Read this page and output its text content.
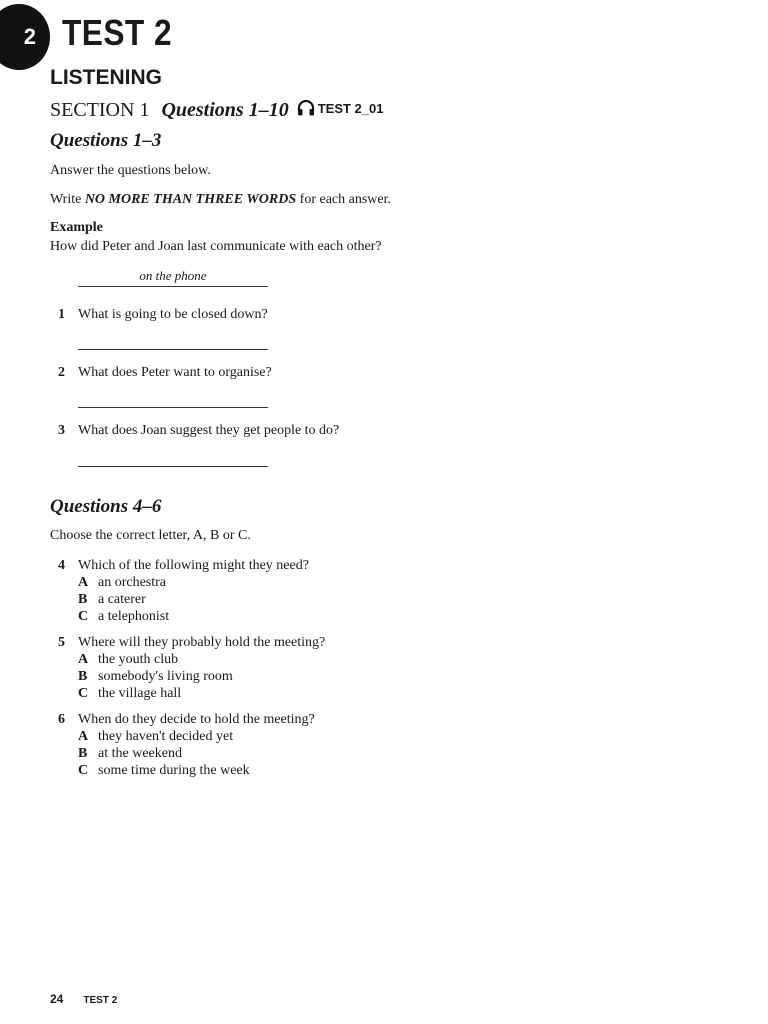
2 TEST 2
LISTENING
SECTION 1 Questions 1–10 TEST 2_01
Questions 1–3
Answer the questions below.
Write NO MORE THAN THREE WORDS for each answer.
Example
How did Peter and Joan last communicate with each other?
on the phone
1 What is going to be closed down?
2 What does Peter want to organise?
3 What does Joan suggest they get people to do?
Questions 4–6
Choose the correct letter, A, B or C.
4 Which of the following might they need?
A an orchestra
B a caterer
C a telephonist
5 Where will they probably hold the meeting?
A the youth club
B somebody's living room
C the village hall
6 When do they decide to hold the meeting?
A they haven't decided yet
B at the weekend
C some time during the week
24 TEST 2
